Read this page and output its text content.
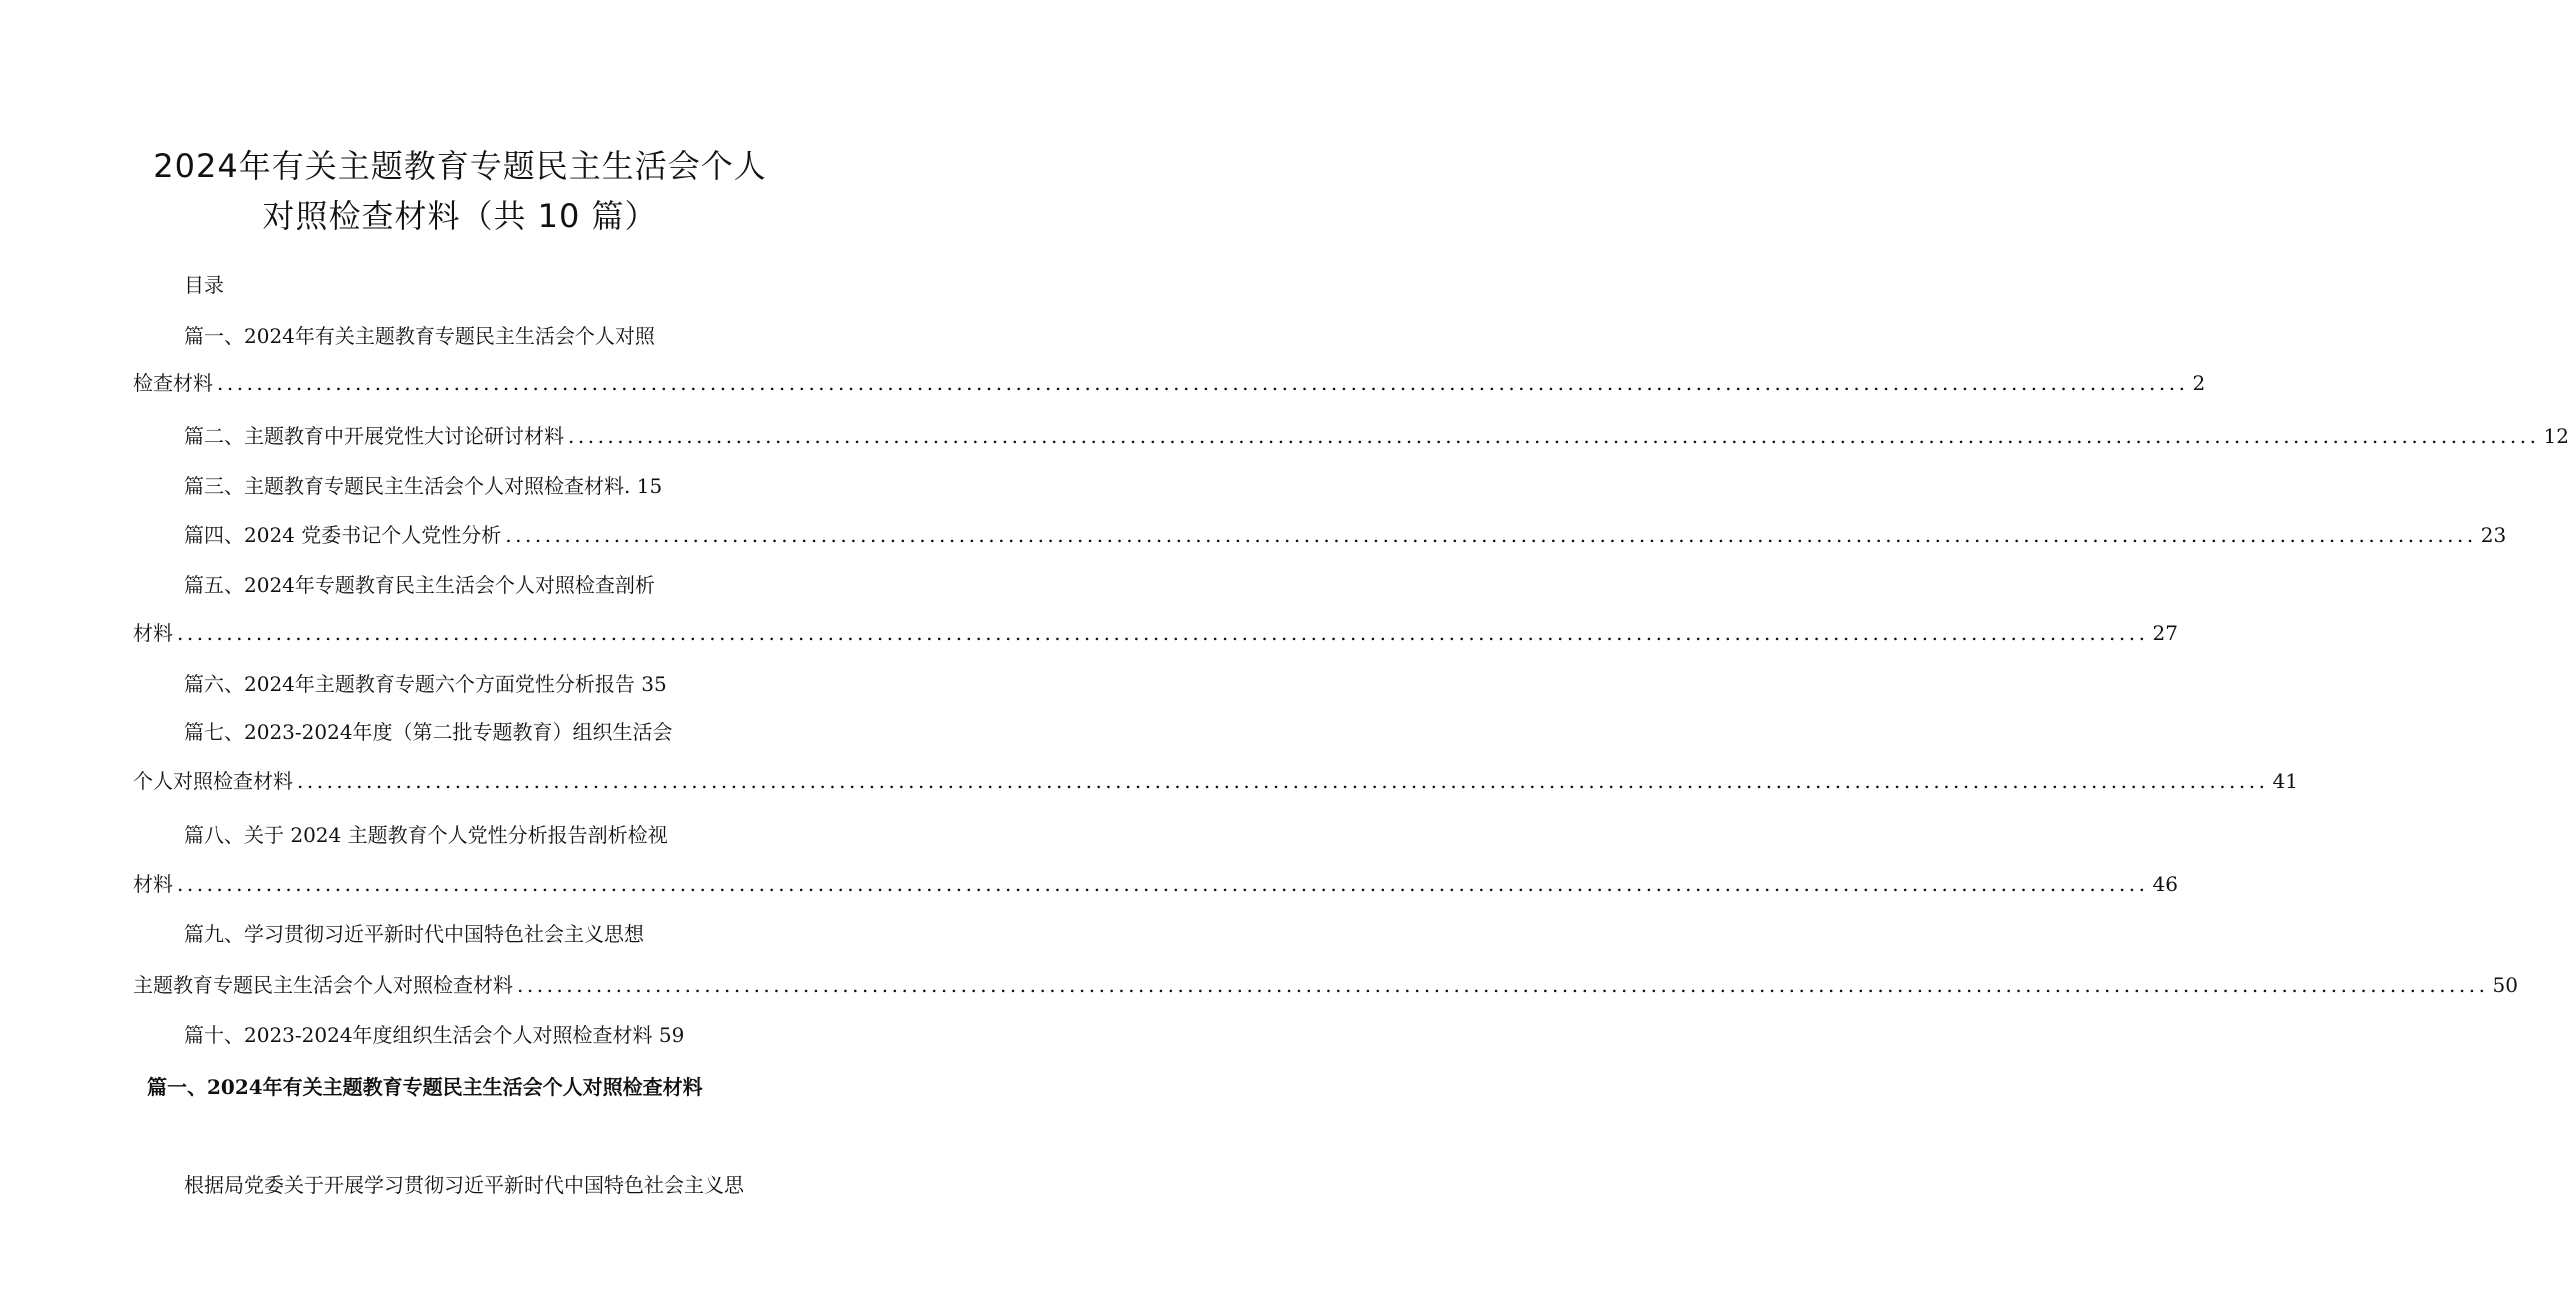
2024年有关主题教育专题民主生活会个人
对照检查材料（共 10 篇）
目录
篇一、2024年有关主题教育专题民主生活会个人对照
检查材料 ........................................................................................................................................................................................................ 2
篇二、主题教育中开展党性大讨论研讨材料 ........................................................................................................................................................................................................ 12
篇三、主题教育专题民主生活会个人对照检查材料. 15
篇四、2024 党委书记个人党性分析 ........................................................................................................................................................................................................ 23
篇五、2024年专题教育民主生活会个人对照检查剖析
材料 ........................................................................................................................................................................................................ 27
篇六、2024年主题教育专题六个方面党性分析报告 35
篇七、2023-2024年度（第二批专题教育）组织生活会
个人对照检查材料 ........................................................................................................................................................................................................ 41
篇八、关于 2024 主题教育个人党性分析报告剖析检视
材料 ........................................................................................................................................................................................................ 46
篇九、学习贯彻习近平新时代中国特色社会主义思想
主题教育专题民主生活会个人对照检查材料 ........................................................................................................................................................................................................ 50
篇十、2023-2024年度组织生活会个人对照检查材料 59
篇一、2024年有关主题教育专题民主生活会个人对照检查材料
根据局党委关于开展学习贯彻习近平新时代中国特色社会主义思
